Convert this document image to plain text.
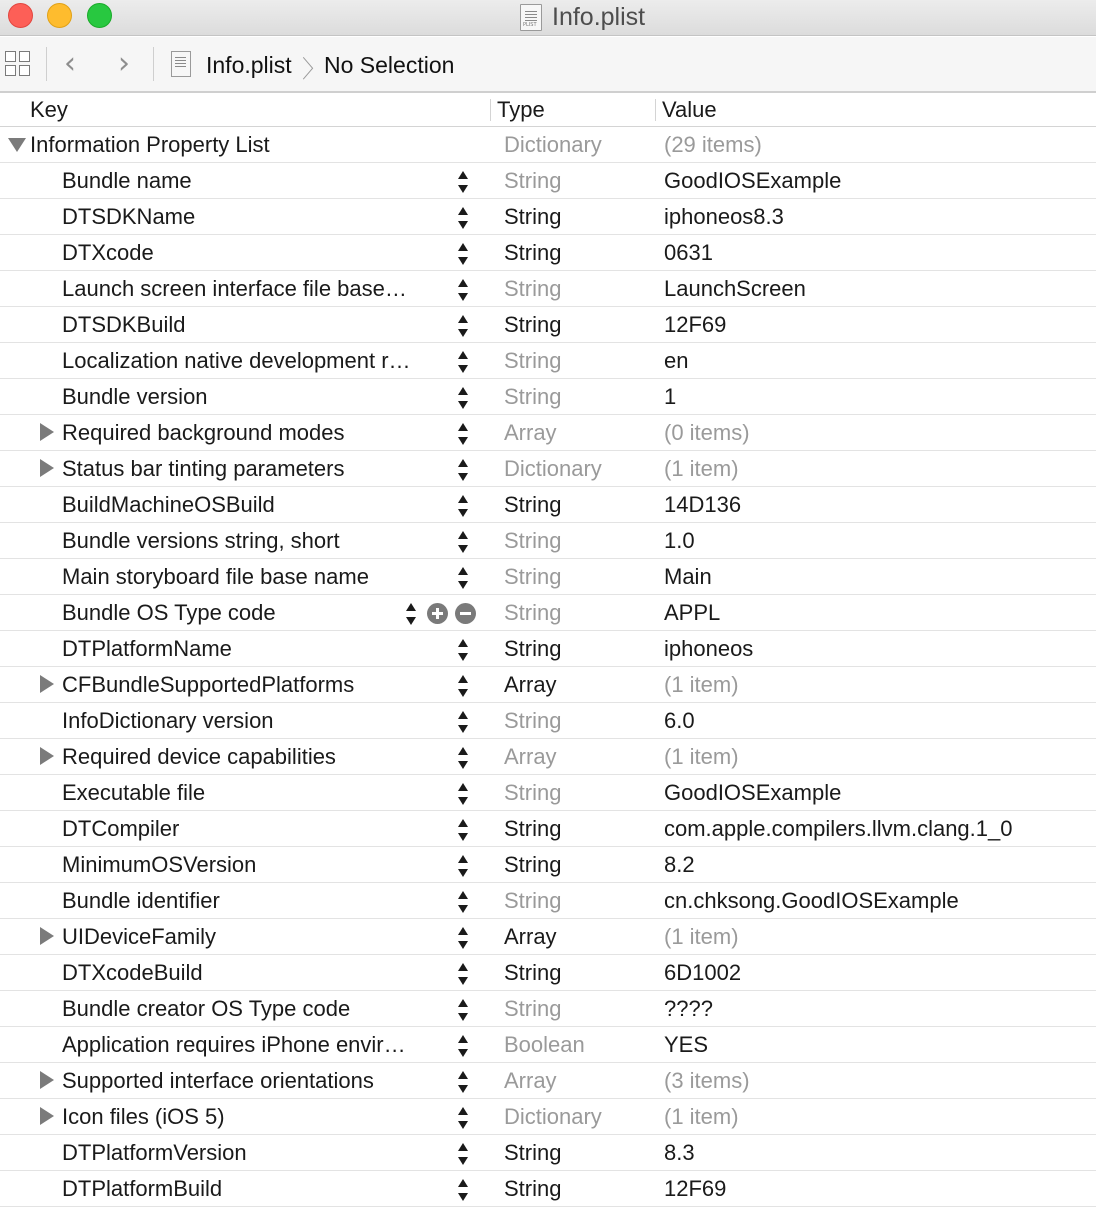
PLIST Info.plist
‹ ›	Info.plist 〉
No Selection
Key	Type	Value
Information Property List	Dictionary	(29 items)
Bundle name	String	GoodIOSExample
DTSDKName	String	iphoneos8.3
DTXcode	String	0631
Launch screen interface file base…	String	LaunchScreen
DTSDKBuild	String	12F69
Localization native development r…	String	en
Bundle version	String	1
Required background modes	Array	(0 items)
Status bar tinting parameters	Dictionary	(1 item)
BuildMachineOSBuild	String	14D136
Bundle versions string, short	String	1.0
Main storyboard file base name	String	Main
Bundle OS Type code	String	APPL
DTPlatformName	String	iphoneos
CFBundleSupportedPlatforms	Array	(1 item)
InfoDictionary version	String	6.0
Required device capabilities	Array	(1 item)
Executable file	String	GoodIOSExample
DTCompiler	String	com.apple.compilers.llvm.clang.1_0
MinimumOSVersion	String	8.2
Bundle identifier	String	cn.chksong.GoodIOSExample
UIDeviceFamily	Array	(1 item)
DTXcodeBuild	String	6D1002
Bundle creator OS Type code	String	????
Application requires iPhone envir…	Boolean	YES
Supported interface orientations	Array	(3 items)
Icon files (iOS 5)	Dictionary	(1 item)
DTPlatformVersion	String	8.3
DTPlatformBuild	String	12F69
